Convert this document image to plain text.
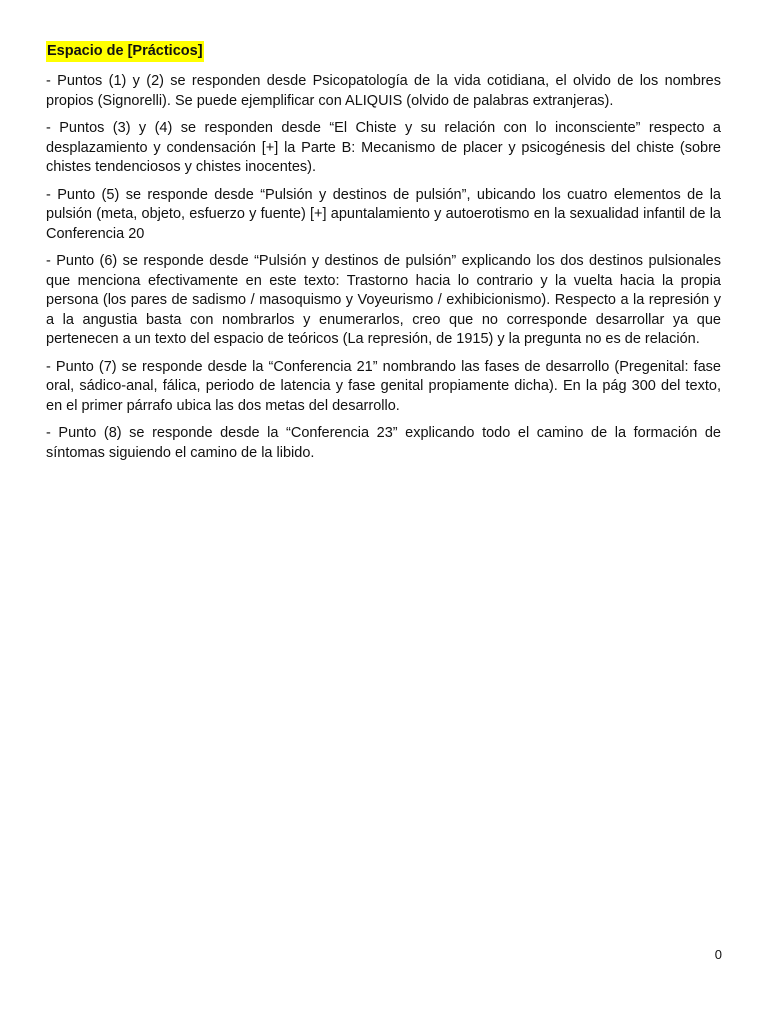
Espacio de [Prácticos]

- Puntos (1) y (2) se responden desde Psicopatología de la vida cotidiana, el olvido de los nombres propios (Signorelli). Se puede ejemplificar con ALIQUIS (olvido de palabras extranjeras).

- Puntos (3) y (4) se responden desde “El Chiste y su relación con lo inconsciente” respecto a desplazamiento y condensación [+] la Parte B: Mecanismo de placer y psicogénesis del chiste (sobre chistes tendenciosos y chistes inocentes).

- Punto (5) se responde desde “Pulsión y destinos de pulsión”, ubicando los cuatro elementos de la pulsión (meta, objeto, esfuerzo y fuente) [+] apuntalamiento y autoerotismo en la sexualidad infantil de la Conferencia 20

- Punto (6) se responde desde “Pulsión y destinos de pulsión” explicando los dos destinos pulsionales que menciona efectivamente en este texto: Trastorno hacia lo contrario y la vuelta hacia la propia persona (los pares de sadismo / masoquismo y Voyeurismo / exhibicionismo). Respecto a la represión y a la angustia basta con nombrarlos y enumerarlos, creo que no corresponde desarrollar ya que pertenecen a un texto del espacio de teóricos (La represión, de 1915) y la pregunta no es de relación.

- Punto (7) se responde desde la “Conferencia 21” nombrando las fases de desarrollo (Pregenital: fase oral, sádico-anal, fálica, periodo de latencia y fase genital propiamente dicha). En la pág 300 del texto, en el primer párrafo ubica las dos metas del desarrollo.

- Punto (8) se responde desde la “Conferencia 23” explicando todo el camino de la formación de síntomas siguiendo el camino de la libido.

0
